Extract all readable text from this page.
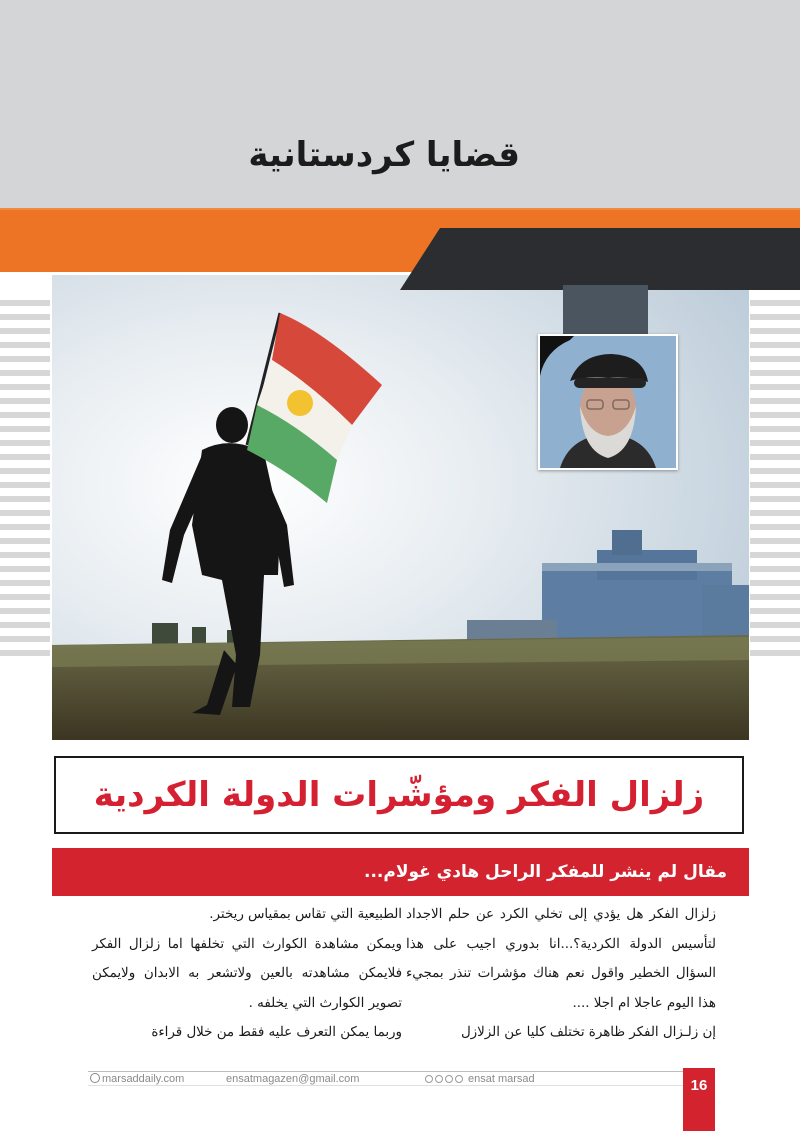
قضايا كردستانية
زلزال الفكر ومؤشّرات الدولة الكردية
مقال لم ينشر للمفكر الراحل هادي غولام...

زلزال الفكر هل يؤدي إلى تخلي الكرد عن حلم الاجداد لتأسيس الدولة الكردية؟...انا بدوري اجيب على هذا السؤال الخطير واقول نعم هناك مؤشرات تنذر بمجيء هذا اليوم عاجلا ام اجلا ....

إن زلـزال الفكر ظاهرة تختلف كليا عن الزلازل

الطبيعية التي تقاس بمقياس ريختر.

ويمكن مشاهدة الكوارث التي تخلفها اما زلزال الفكر فلايمكن مشاهدته بالعين ولاتشعر به الابدان ولايمكن تصوير الكوارث التي يخلفه .

وربما يمكن التعرف عليه فقط من خلال قراءة

marsaddaily.com	ensatmagazen@gmail.com	ensat marsad	16
